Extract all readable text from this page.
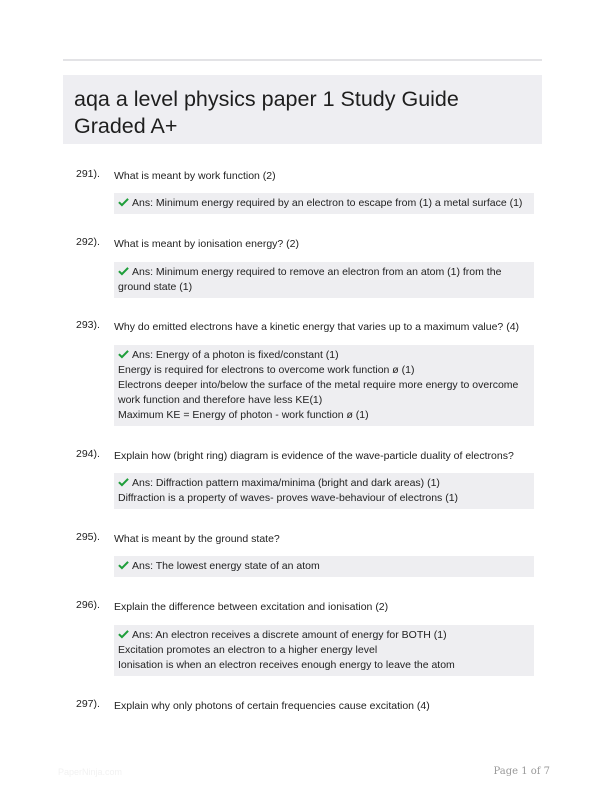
aqa a level physics paper 1 Study Guide Graded A+
291). What is meant by work function (2)
Ans: Minimum energy required by an electron to escape from (1) a metal surface (1)
292). What is meant by ionisation energy? (2)
Ans: Minimum energy required to remove an electron from an atom (1) from the ground state (1)
293). Why do emitted electrons have a kinetic energy that varies up to a maximum value? (4)
Ans: Energy of a photon is fixed/constant (1)
Energy is required for electrons to overcome work function ø (1)
Electrons deeper into/below the surface of the metal require more energy to overcome work function and therefore have less KE(1)
Maximum KE = Energy of photon - work function ø (1)
294). Explain how (bright ring) diagram is evidence of the wave-particle duality of electrons?
Ans: Diffraction pattern maxima/minima (bright and dark areas) (1)
Diffraction is a property of waves- proves wave-behaviour of electrons (1)
295). What is meant by the ground state?
Ans: The lowest energy state of an atom
296). Explain the difference between excitation and ionisation (2)
Ans: An electron receives a discrete amount of energy for BOTH (1)
Excitation promotes an electron to a higher energy level
Ionisation is when an electron receives enough energy to leave the atom
297). Explain why only photons of certain frequencies cause excitation (4)
PaperNinja.com	Page 1 of 7
